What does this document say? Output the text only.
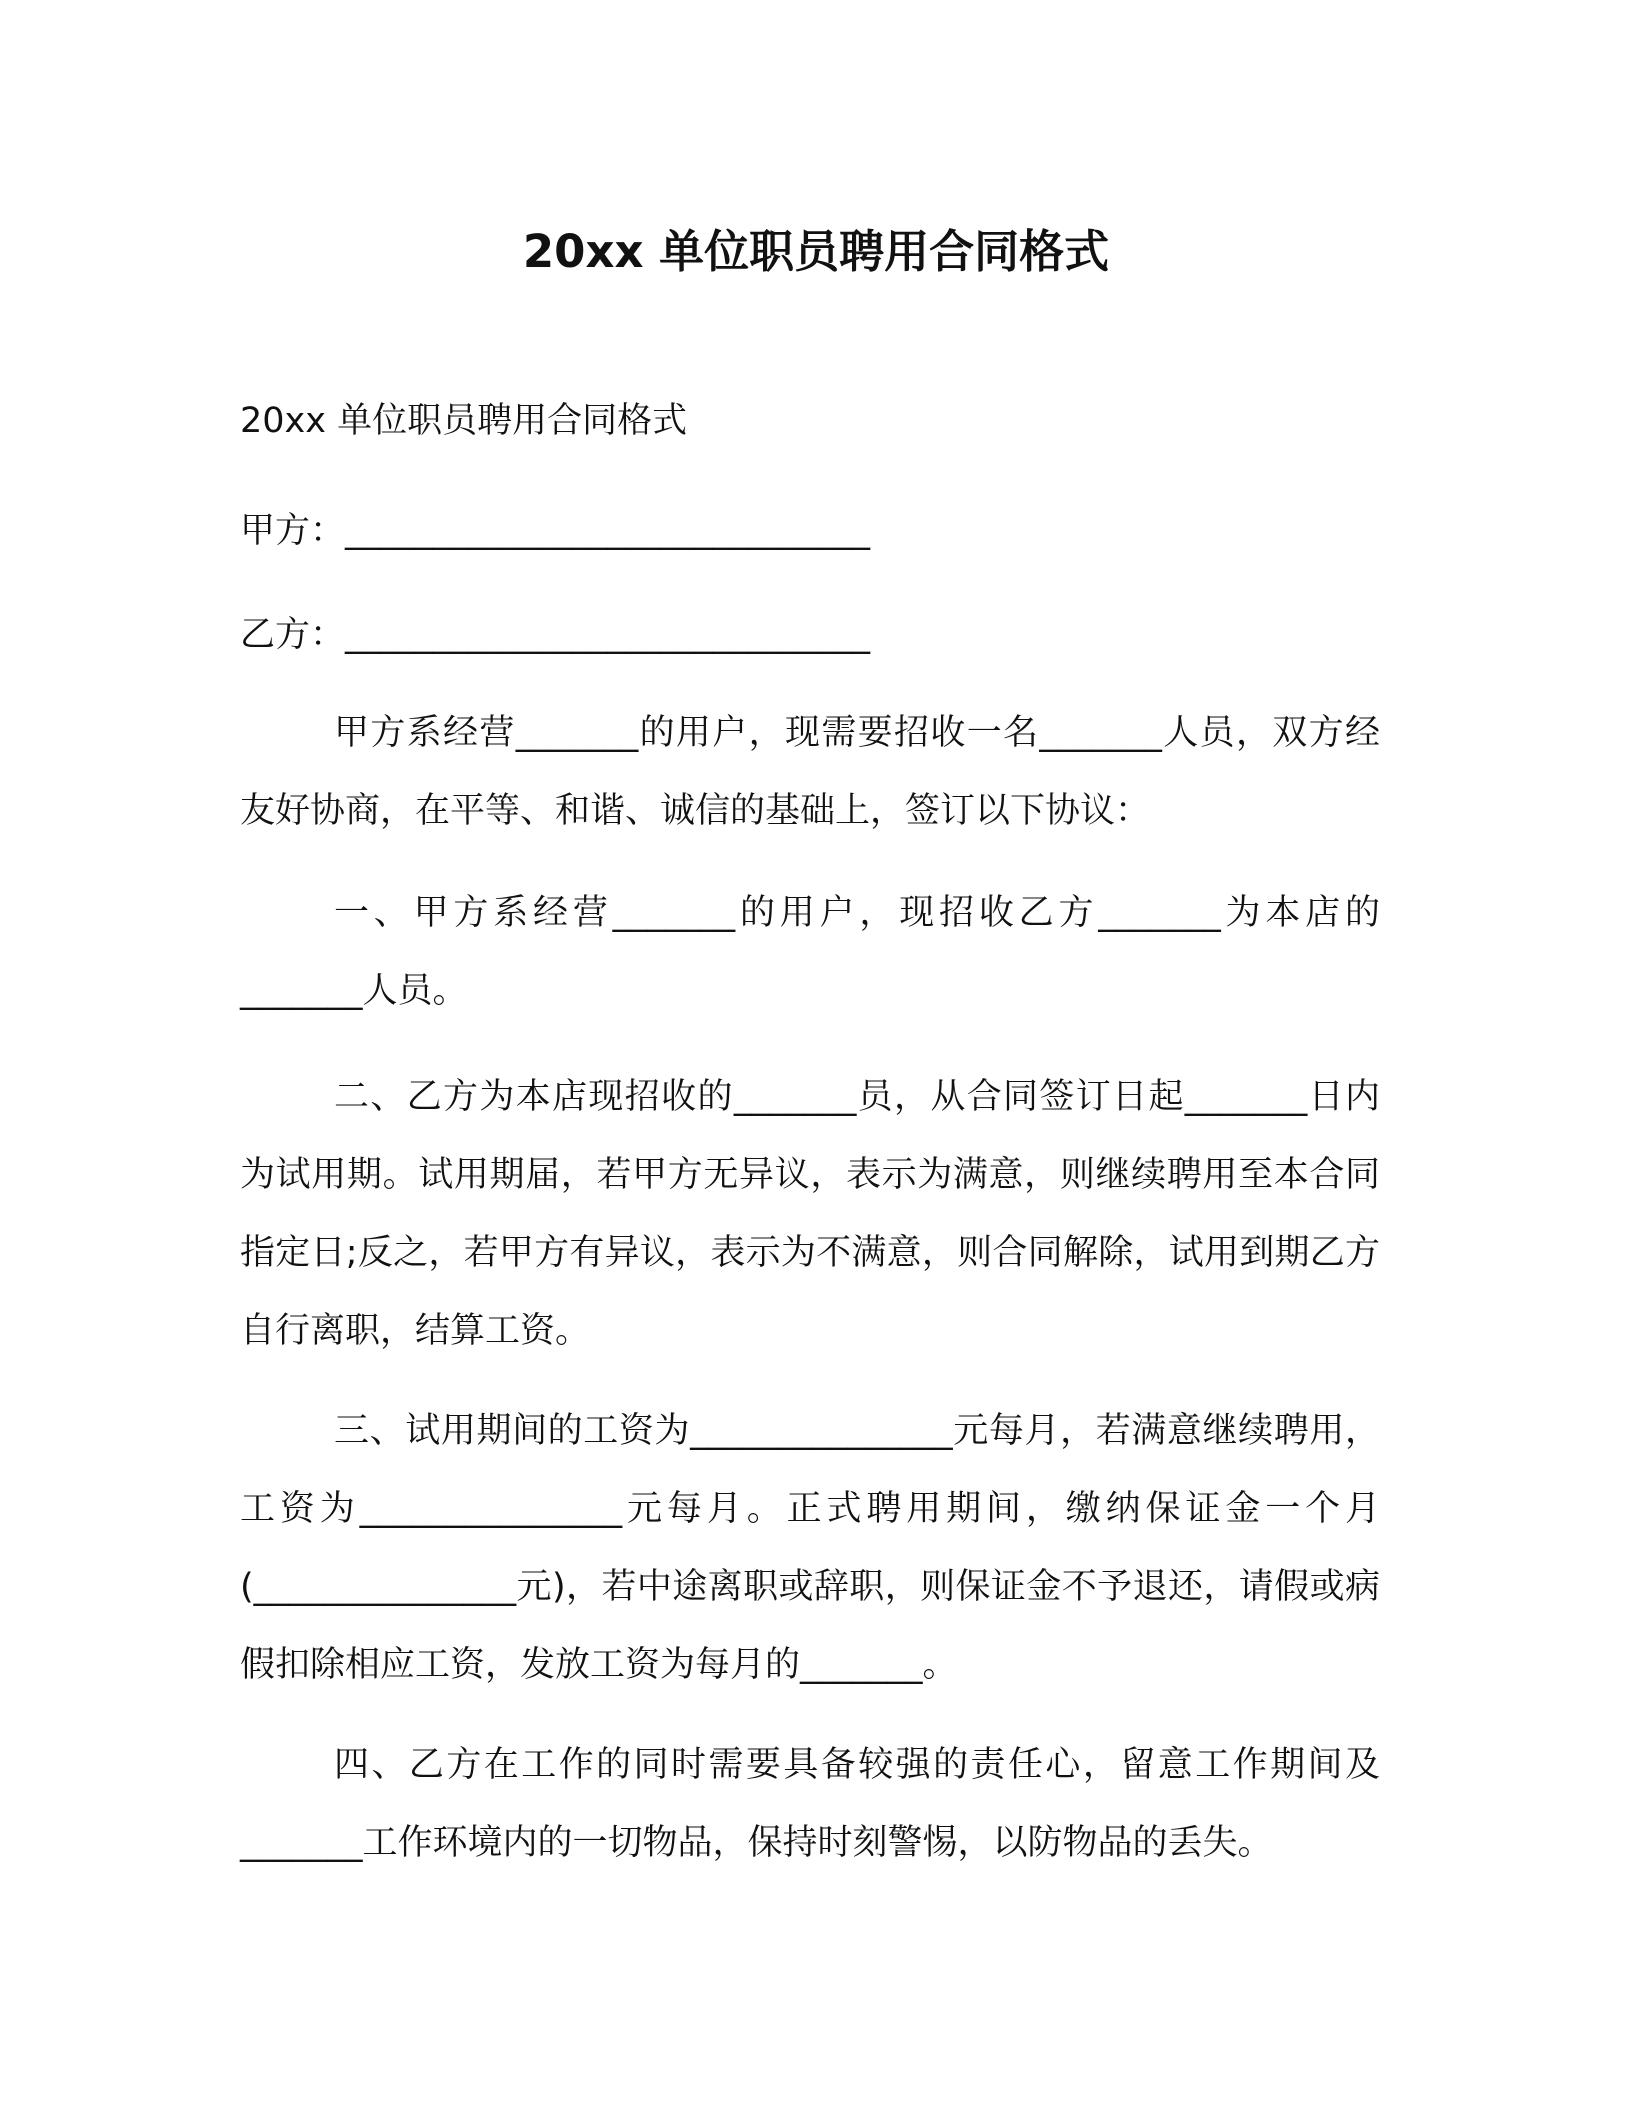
20xx 单位职员聘用合同格式
20xx 单位职员聘用合同格式
甲方：______________________________
乙方：______________________________
甲方系经营_______的用户，现需要招收一名_______人员，双方经友好协商，在平等、和谐、诚信的基础上，签订以下协议：
一、甲方系经营_______的用户，现招收乙方_______为本店的_______人员。
二、乙方为本店现招收的_______员，从合同签订日起_______日内为试用期。试用期届，若甲方无异议，表示为满意，则继续聘用至本合同指定日;反之，若甲方有异议，表示为不满意，则合同解除，试用到期乙方自行离职，结算工资。
三、试用期间的工资为_______________元每月，若满意继续聘用，工资为_______________元每月。正式聘用期间，缴纳保证金一个月(_______________元)，若中途离职或辞职，则保证金不予退还，请假或病假扣除相应工资，发放工资为每月的_______。
四、乙方在工作的同时需要具备较强的责任心，留意工作期间及_______工作环境内的一切物品，保持时刻警惕，以防物品的丢失。
